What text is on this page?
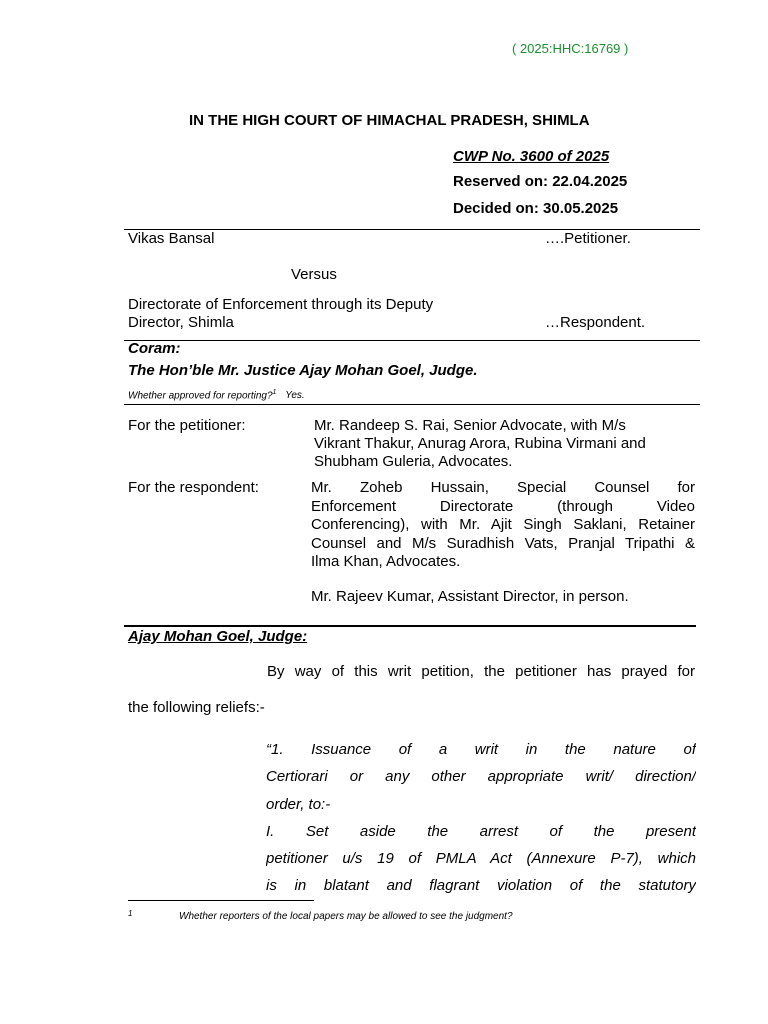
( 2025:HHC:16769 )
IN THE HIGH COURT OF HIMACHAL PRADESH, SHIMLA
CWP No. 3600 of 2025
Reserved on: 22.04.2025
Decided on: 30.05.2025
Vikas Bansal	….Petitioner.
Versus
Directorate of Enforcement through its Deputy
Director, Shimla	…Respondent.
Coram:
The Hon’ble Mr. Justice Ajay Mohan Goel, Judge.
Whether approved for reporting?$^1$ Yes.
For the petitioner:	Mr. Randeep S. Rai, Senior Advocate, with M/s
Vikrant Thakur, Anurag Arora, Rubina Virmani and
Shubham Guleria, Advocates.
For the respondent:	Mr. Zoheb Hussain, Special Counsel for
Enforcement Directorate (through Video
Conferencing), with Mr. Ajit Singh Saklani, Retainer
Counsel and M/s Suradhish Vats, Pranjal Tripathi &
Ilma Khan, Advocates.
Mr. Rajeev Kumar, Assistant Director, in person.
Ajay Mohan Goel, Judge:
By way of this writ petition, the petitioner has prayed for
the following reliefs:-
“1. Issuance of a writ in the nature of
Certiorari or any other appropriate writ/ direction/
order, to:-
I. Set aside the arrest of the present
petitioner u/s 19 of PMLA Act (Annexure P-7), which
is in blatant and flagrant violation of the statutory
1	Whether reporters of the local papers may be allowed to see the judgment?
